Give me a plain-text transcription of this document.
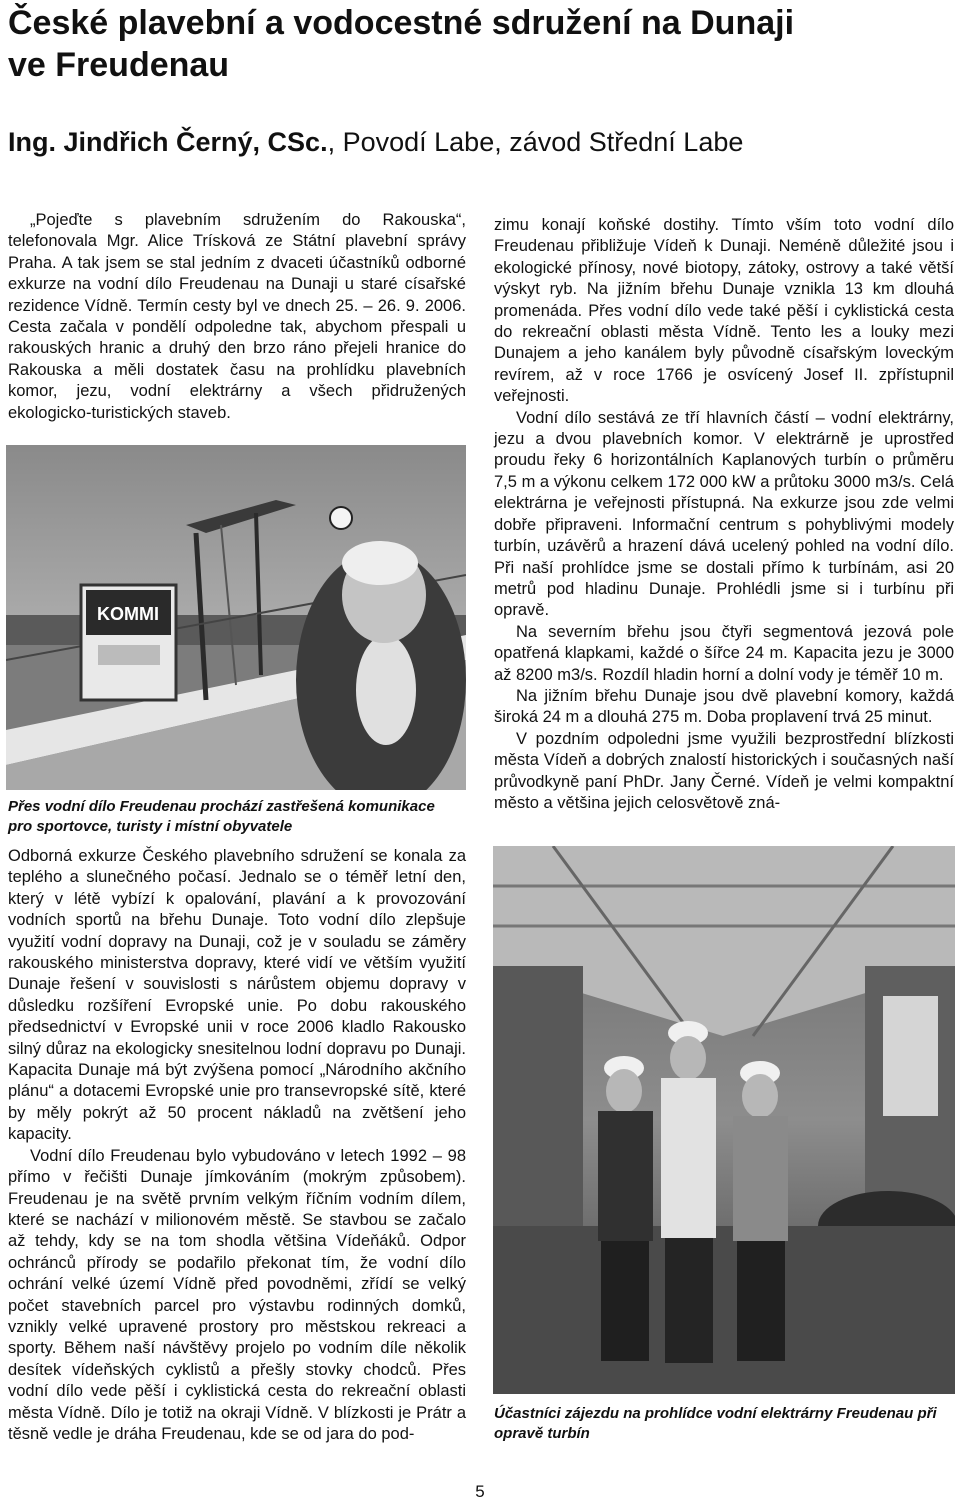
České plavební a vodocestné sdružení na Dunaji
ve Freudenau
Ing. Jindřich Černý, CSc., Povodí Labe, závod Střední Labe

„Pojeďte s plavebním sdružením do Rakouska“, telefonovala Mgr. Alice Trísková ze Státní plavební správy Praha. A tak jsem se stal jedním z dvaceti účastníků odborné exkurze na vodní dílo Freudenau na Dunaji u staré císařské rezidence Vídně. Termín cesty byl ve dnech 25. – 26. 9. 2006. Cesta začala v pondělí odpoledne tak, abychom přespali u rakouských hranic a druhý den brzo ráno přejeli hranice do Rakouska a měli dostatek času na prohlídku plavebních komor, jezu, vodní elektrárny a všech přidružených ekologicko-turistických staveb.

KOMMI
Přes vodní dílo Freudenau prochází zastřešená komunikace pro sportovce, turisty i místní obyvatele

Odborná exkurze Českého plavebního sdružení se konala za teplého a slunečného počasí. Jednalo se o téměř letní den, který v létě vybízí k opalování, plavání a k provozování vodních sportů na břehu Dunaje. Toto vodní dílo zlepšuje využití vodní dopravy na Dunaji, což je v souladu se záměry rakouského ministerstva dopravy, které vidí ve větším využití Dunaje řešení v souvislosti s nárůstem objemu dopravy v důsledku rozšíření Evropské unie. Po dobu rakouského předsednictví v Evropské unii v roce 2006 kladlo Rakousko silný důraz na ekologicky snesitelnou lodní dopravu po Dunaji. Kapacita Dunaje má být zvýšena pomocí „Národního akčního plánu“ a dotacemi Evropské unie pro transevropské sítě, které by měly pokrýt až 50 procent nákladů na zvětšení jeho kapacity.

Vodní dílo Freudenau bylo vybudováno v letech 1992 – 98 přímo v řečišti Dunaje jímkováním (mokrým způsobem). Freudenau je na světě prvním velkým říčním vodním dílem, které se nachází v milionovém městě. Se stavbou se začalo až tehdy, kdy se na tom shodla většina Vídeňáků. Odpor ochránců přírody se podařilo překonat tím, že vodní dílo ochrání velké území Vídně před povodněmi, zřídí se velký počet stavebních parcel pro výstavbu rodinných domků, vznikly velké upravené prostory pro městskou rekreaci a sporty. Během naší návštěvy projelo po vodním díle několik desítek vídeňských cyklistů a přešly stovky chodců. Přes vodní dílo vede pěší i cyklistická cesta do rekreační oblasti města Vídně. Dílo je totiž na okraji Vídně. V blízkosti je Prátr a těsně vedle je dráha Freudenau, kde se od jara do pod-

zimu konají koňské dostihy. Tímto vším toto vodní dílo Freudenau přibližuje Vídeň k Dunaji. Neméně důležité jsou i ekologické přínosy, nové biotopy, zátoky, ostrovy a také větší výskyt ryb. Na jižním břehu Dunaje vznikla 13 km dlouhá promenáda. Přes vodní dílo vede také pěší i cyklistická cesta do rekreační oblasti města Vídně. Tento les a louky mezi Dunajem a jeho kanálem byly původně císařským loveckým revírem, až v roce 1766 je osvícený Josef II. zpřístupnil veřejnosti.

Vodní dílo sestává ze tří hlavních částí – vodní elektrárny, jezu a dvou plavebních komor. V elektrárně je uprostřed proudu řeky 6 horizontálních Kaplanových turbín o průměru 7,5 m a výkonu celkem 172 000 kW a průtoku 3000 m3/s. Celá elektrárna je veřejnosti přístupná. Na exkurze jsou zde velmi dobře připraveni. Informační centrum s pohyblivými modely turbín, uzávěrů a hrazení dává ucelený pohled na vodní dílo. Při naší prohlídce jsme se dostali přímo k turbínám, asi 20 metrů pod hladinu Dunaje. Prohlédli jsme si i turbínu při opravě.

Na severním břehu jsou čtyři segmentová jezová pole opatřená klapkami, každé o šířce 24 m. Kapacita jezu je 3000 až 8200 m3/s. Rozdíl hladin horní a dolní vody je téměř 10 m.

Na jižním břehu Dunaje jsou dvě plavební komory, každá široká 24 m a dlouhá 275 m. Doba proplavení trvá 25 minut.

V pozdním odpoledni jsme využili bezprostřední blízkosti města Vídeň a dobrých znalostí historických i současných naší průvodkyně paní PhDr. Jany Černé. Vídeň je velmi kompaktní město a většina jejich celosvětově zná-

Účastníci zájezdu na prohlídce vodní elektrárny Freudenau při opravě turbín
5
